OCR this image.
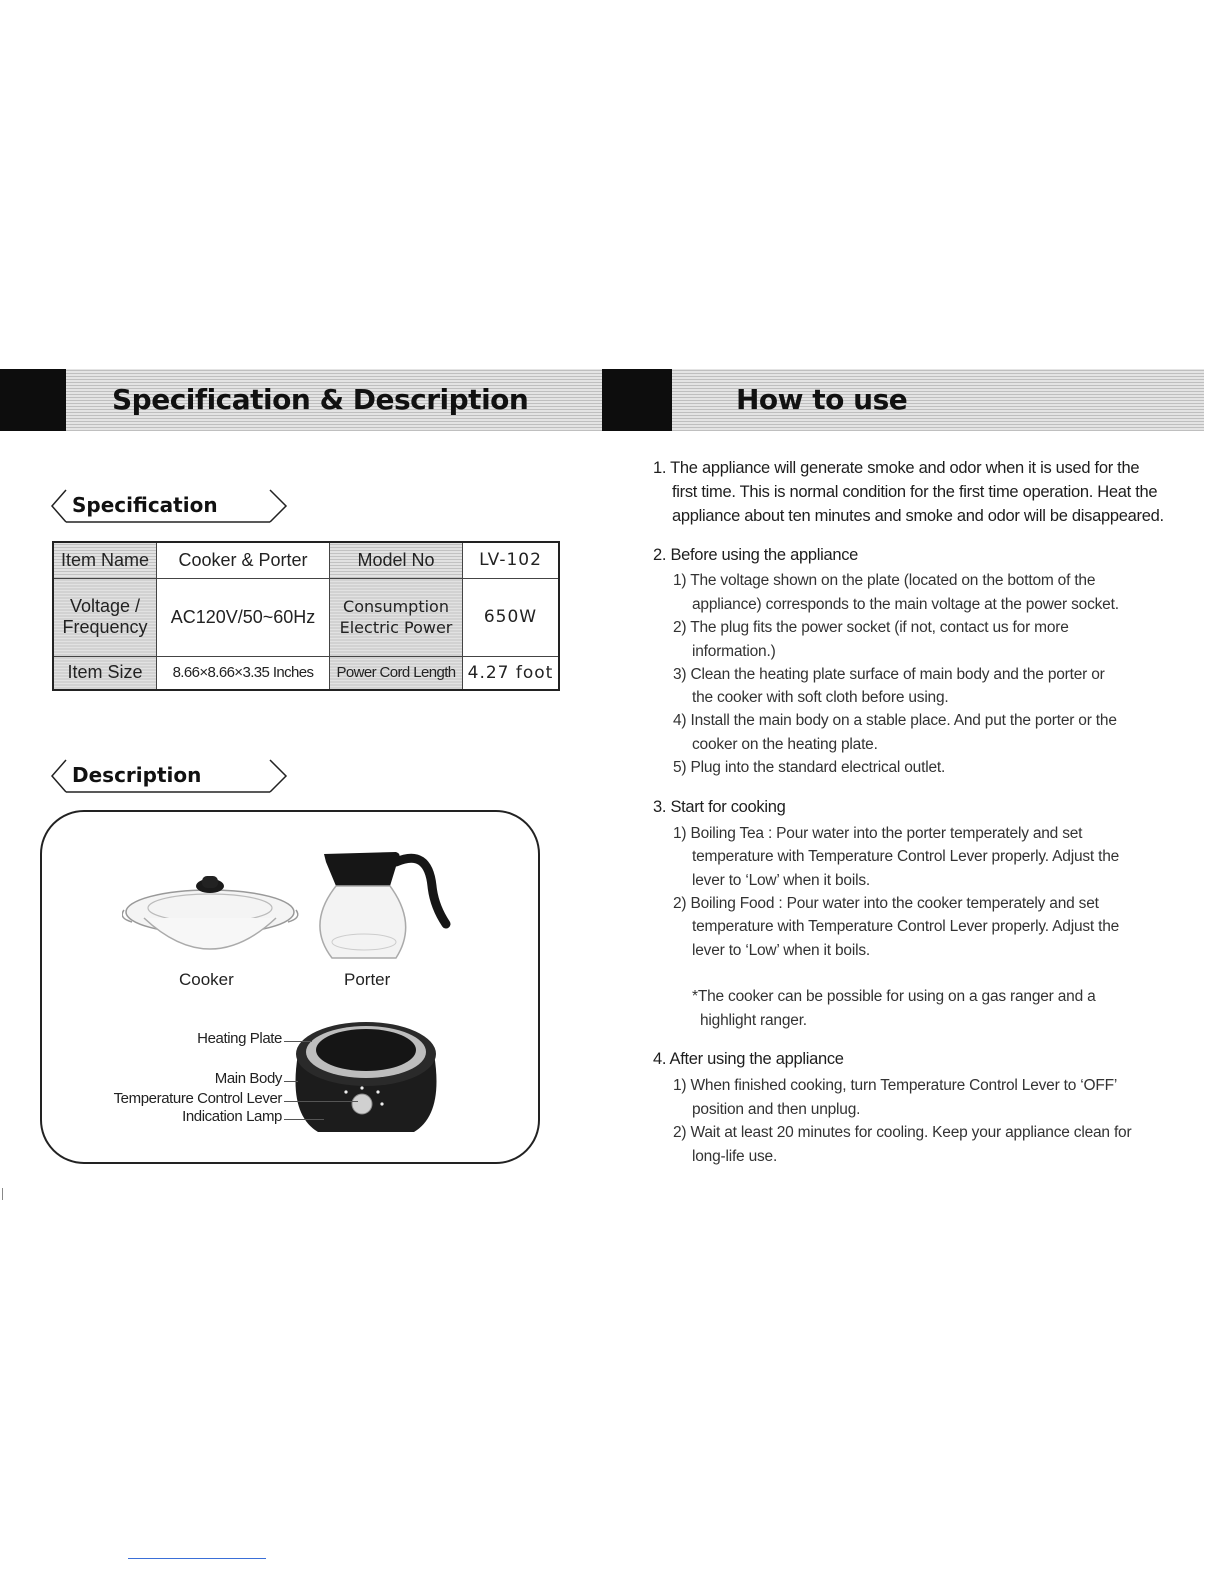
Specification & Description
Specification
Item Name	Cooker & Porter	Model No	LV-102
Voltage / Frequency	AC120V/50~60Hz	Consumption Electric Power	650W
Item Size	8.66×8.66×3.35 Inches	Power Cord Length	4.27 foot
Description
Cooker	Porter
Heating Plate
Main Body
Temperature Control Lever
Indication Lamp
How to use
1. The appliance will generate smoke and odor when it is used for the
first time. This is normal condition for the first time operation. Heat the
appliance about ten minutes and smoke and odor will be disappeared.
2. Before using the appliance
1) The voltage shown on the plate (located on the bottom of the
appliance) corresponds to the main voltage at the power socket.
2) The plug fits the power socket (if not, contact us for more
information.)
3) Clean the heating plate surface of main body and the porter or
the cooker with soft cloth before using.
4) Install the main body on a stable place. And put the porter or the
cooker on the heating plate.
5) Plug into the standard electrical outlet.
3. Start for cooking
1) Boiling Tea : Pour water into the porter temperately and set
temperature with Temperature Control Lever properly. Adjust the
lever to ‘Low’ when it boils.
2) Boiling Food : Pour water into the cooker temperately and set
temperature with Temperature Control Lever properly. Adjust the
lever to ‘Low’ when it boils.
*The cooker can be possible for using on a gas ranger and a
highlight ranger.
4. After using the appliance
1) When finished cooking, turn Temperature Control Lever to ‘OFF’
position and then unplug.
2) Wait at least 20 minutes for cooling. Keep your appliance clean for
long-life use.
